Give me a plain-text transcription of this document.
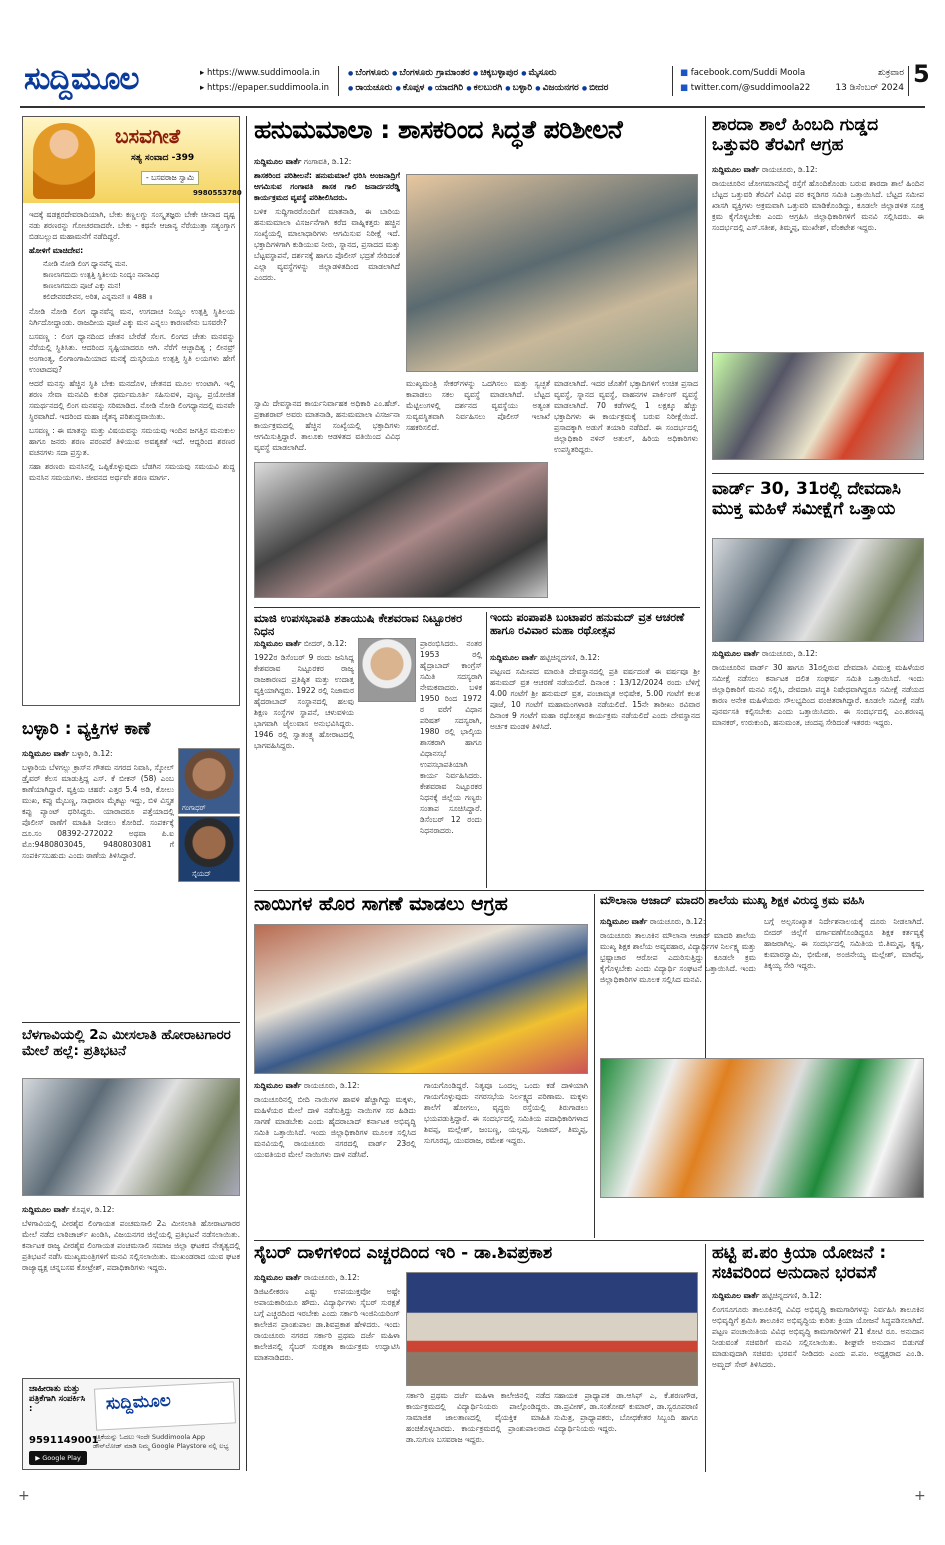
ಸುದ್ದಿಮೂಲ	▸ https://www.suddimoola.in
▸ https://epaper.suddimoola.in
● ಬೆಂಗಳೂರು ● ಬೆಂಗಳೂರು ಗ್ರಾಮಾಂತರ ● ಚಿಕ್ಕಬಳ್ಳಾಪುರ ● ಮೈಸೂರು
● ರಾಯಚೂರು ● ಕೊಪ್ಪಳ ● ಯಾದಗಿರಿ ● ಕಲಬುರಗಿ ● ಬಳ್ಳಾರಿ ● ವಿಜಯನಗರ ● ಬೀದರ
■ facebook.com/Suddi Moola
■ twitter.com/@suddimoola22
ಶುಕ್ರವಾರ
13 ಡಿಸೆಂಬರ್ 2024 5
ಬಸವಗೀತೆ
ಸತ್ಯ ಸಂವಾದ -399
- ಬಸವರಾಜ ಸ್ವಾಮಿ
9980553780

ಇದಕ್ಕೆ ಷಡಕ್ಷರದೇವರಾದಿಯಾಗಿ, ಬೇಕು ಕಣ್ಣಲಗ್ನು ಸಂಸ್ಕೃತಜ್ಞರು ಬೇಕೇ ಚೀನಾದ ದೃಷ್ಟ ನಡು ಶರಣರನ್ನು ಗೋಚರವಾದರೇ. ಬೇಕು - ಕಥನೇ ಆಜಾನ್ಯ ನೆರೆಯುತ್ತಾ ಸತ್ಯಂಗ್ತಾಗ ಬಿಡಬಲ್ಲುದ ಮಹಾಮನೆಗೆ ನಡೆದಿದ್ದರೆ.

ಹೋಳಿಗೆ ಮಾಚಿದೇವ:

ನೋಡಿ ನೋಡಿ ಲಿಂಗ ಧ್ಯಾನವೆನ್ನ ಮನ.
ಕಾಣಲಾಗದುದು ಉತ್ಪತ್ತಿ ಸ್ಥಿತಿಲಯ ನಿಂದ್ಯಂ ನಾನಾವಿಧ
ಕಾಣಲಾಗದುದು ಪೂಜೆ ಎಕ್ಕು ಮನ!
ಕಲಿದೇವರದೇವನ, ಅರಿತ, ಎನ್ನಮನ! ॥ 488 ॥

ನೋಡಿ ನೋಡಿ ಲಿಂಗ ಧ್ಯಾನವೆನ್ನ ಮನ, ಉಗದಾಚ ನಿಯ್ಯಂ ಉತ್ಪತ್ತಿ ಸ್ಥಿತಿಲಯ ನಿರ್ಗಿದೋದ್ದಾಂಡು. ರಾಜದೀಯ ಪೂಜೆ ಎಕ್ಕು ಮನ ಎನ್ನಲು ಕಾರಣವೇನು ಬಸವರೇ?

ಬಸವಣ್ಣ : ಲಿಂಗ ಧ್ಯಾನದಿಂದ ಚೇತನ ಬೇರೆಡೆ ಸೆಲಗ. ಲಿಂಗದ ಚೇತು ಮನವನ್ನು ನೆರೆಯಲ್ಲಿ ಸ್ಥಿತಿಸಿತು. ಆದರಿಂದ ಸೃಷ್ಟಿಯಾದರೂ ಆಗಿ. ನೆರೆಗೆ ಆಚ್ಛಾದಿತ್ಯ ; ಲೀನವ್ರ್ ಅಂಗಾಂತ್ಯ, ಲಿಂಗಾಂಗಾಮಿಯಾದ ಮನಕ್ಕೆ ದುಸ್ಕರಿಯೂ ಉತ್ಪತ್ತಿ ಸ್ಥಿತಿ ಲಯಗಳು ಹೇಗೆ ಉಂಟಾದವು?

ಆದರೆ ಮನಸ್ಸು ಹೆಚ್ಚಿನ ಸ್ಥಿತಿ ಬೇಕು ಮನದೊಳ, ಚೇತನದ ಮೂಲ ಉಂಟಾಗಿ. ಇಲ್ಲಿ ಶರಣ ಸೇವಾ ಮನವಿದಿ ಕುರಿತ ಧರ್ಮಮೂರ್ತಿ ಸಹಿಸುವಳಿ, ಪುಣ್ಯ, ಪ್ರಯೋಜಿತ ಸಮರ್ಥನದಲ್ಲಿ ಲಿಂಗ ಮನವನ್ನು ಸರಿಮಾಡಿದ. ನೋಡಿ ನೋಡಿ ಲಿಂಗಧ್ಯಾನದಲ್ಲಿ ಮನವೇ ಸ್ಥಿರವಾಗಿದೆ. ಇದರಿಂದ ಮಹಾ ಚೈತನ್ಯ ಪರಿಶುದ್ಧವಾಯಿತು.

ಬಸವಣ್ಣ : ಈ ಮಾತನ್ನು ಮತ್ತು ವಿಷಯವನ್ನು ಸಮಯವು ಇಂದಿನ ಜಗತ್ತಿನ ಮನುಕುಲ ಹಾಗೂ ಜನರು ಶರಣ ಪರಂಪರೆ ತಿಳಿಯುವ ಅವಶ್ಯಕತೆ ಇದೆ. ಆದ್ದರಿಂದ ಶರಣರ ವಚನಗಳು ಸದಾ ಪ್ರಸ್ತುತ.

ಸಹಾ ಶರಣರು ಮನಸಿನಲ್ಲಿ ಒಪ್ಪಿಕೊಳ್ಳುವುದು ಬೆಡಗಿನ ಸಮಯವು ಸಮಯವಿ ಶುದ್ಧ ಮನಸಿನ ಸಮಯಗಳು. ಜೀವನದ ಅರ್ಥವೇ ಶರಣ ಮಾರ್ಗ.

ಬಳ್ಳಾರಿ : ವ್ಯಕ್ತಿಗಳ ಕಾಣೆ
ಗಂಗಾಧರ್
ಸೈಯದ್

ಸುದ್ದಿಮೂಲ ವಾರ್ತೆ ಬಳ್ಳಾರಿ, ಡಿ.12:

ಬಳ್ಳಾರಿಯ ಬೆಳಗಲ್ಲು ಕ್ರಾಸ್‌ನ ಗೌತಮ ನಗರದ ನಿವಾಸಿ, ಸ್ಕೋಲ್ ಡ್ರೈವರ್ ಕೆಲಸ ಮಾಡುತ್ತಿದ್ದ ಎಸ್. ಕೆ ಬೀಕನ್ (58) ಎಂಬ ಕಾಣೆಯಾಗಿದ್ದಾರೆ. ವ್ಯಕ್ತಿಯ ಚಹರೆ: ಎತ್ತರ 5.4 ಅಡಿ, ಕೋಲು ಮುಖ, ಕಪ್ಪು ಮೈಬಣ್ಣ, ಸಾಧಾರಣ ಮೈಕಟ್ಟು ಇದ್ದು, ಬಿಳಿ ವಿಸ್ತೃತ ಕಪ್ಪು ಪ್ಯಾಂಟ್ ಧರಿಸಿದ್ದರು. ಯಾರಾದರೂ ಪತ್ತೆಯಾದಲ್ಲಿ ಪೊಲೀಸ್ ಠಾಣೆಗೆ ಮಾಹಿತಿ ನೀಡಲು ಕೋರಿದೆ. ಸಂಪರ್ಕಕ್ಕೆ ದೂ.ಸಂ 08392-272022 ಅಥವಾ ಪಿ.ಐ ಮೊ:9480803045, 9480803081 ಗೆ ಸಂಪರ್ಕಿಸಬಹುದು ಎಂದು ಠಾಣೆಯ ತಿಳಿಸಿದ್ದಾರೆ.

ಬೆಳಗಾವಿಯಲ್ಲಿ 2ಎ ಮೀಸಲಾತಿ ಹೋರಾಟಗಾರರ ಮೇಲೆ ಹಲ್ಲೆ: ಪ್ರತಿಭಟನೆ

ಸುದ್ದಿಮೂಲ ವಾರ್ತೆ ಕೊಪ್ಪಳ, ಡಿ.12:

ಬೆಳಗಾವಿಯಲ್ಲಿ ವೀರಶೈವ ಲಿಂಗಾಯತ ಪಂಚಮಸಾಲಿ 2ಎ ಮೀಸಲಾತಿ ಹೋರಾಟಗಾರರ ಮೇಲೆ ನಡೆದ ಲಾಠಿಚಾರ್ಜ್ ಖಂಡಿಸಿ, ವಿಜಯನಗರ ಜಿಲ್ಲೆಯಲ್ಲಿ ಪ್ರತಿಭಟನೆ ನಡೆಸಲಾಯಿತು. ಕರ್ನಾಟಕ ರಾಜ್ಯ ವೀರಶೈವ ಲಿಂಗಾಯತ ಪಂಚಮಸಾಲಿ ಸಮಾಜ ಜಿಲ್ಲಾ ಘಟಕದ ನೇತೃತ್ವದಲ್ಲಿ ಪ್ರತಿಭಟನೆ ನಡೆಸಿ ಮುಖ್ಯಮಂತ್ರಿಗಳಿಗೆ ಮನವಿ ಸಲ್ಲಿಸಲಾಯಿತು. ಮುಖಂಡರಾದ ಯುವ ಘಟಕ ರಾಜ್ಯಾಧ್ಯಕ್ಷ ಚನ್ನಬಸವ ಕೋಟ್ರೇಶ್, ಪದಾಧಿಕಾರಿಗಳು ಇದ್ದರು.

ಜಾಹೀರಾತು ಮತ್ತು ಪತ್ರಿಕೆಗಾಗಿ ಸಂಪರ್ಕಿಸಿ :
9591149001
ಸುದ್ದಿಮೂಲ
▶ Google Play
ಪತ್ರಿಕೆಯನ್ನು ಓದಲು ಇಂದೇ Suddimoola App ಡೌನ್‌ಲೋಡ್ ಮಾಡಿ ನಿಮ್ಮ Google Playstore ನಲ್ಲಿ ಲಭ್ಯ
ಹನುಮಮಾಲಾ : ಶಾಸಕರಿಂದ ಸಿದ್ಧತೆ ಪರಿಶೀಲನೆ

ಸುದ್ದಿಮೂಲ ವಾರ್ತೆ ಗಂಗಾವತಿ, ಡಿ.12:

ಶಾಸಕರಿಂದ ಪರಿಶೀಲನೆ: ಹನುಮಮಾಲೆ ಧರಿಸಿ ಅಂಜನಾದ್ರಿಗೆ ಆಗಮಿಸುವ ಗಂಗಾವತಿ ಶಾಸಕ ಗಾಲಿ ಜನಾರ್ದನರೆಡ್ಡಿ ಕಾರ್ಯಕ್ರಮದ ವ್ಯವಸ್ಥೆ ಪರಿಶೀಲಿಸಿದರು.

ಬಳಿಕ ಸುದ್ದಿಗಾರರೊಂದಿಗೆ ಮಾತನಾಡಿ, ಈ ಬಾರಿಯ ಹನುಮಮಾಲಾ ವಿಸರ್ಜನೆಗಾಗಿ ಕರೆದ ವಾಹ್ನಿಕತ್ತರು ಹಚ್ಚಿನ ಸಂಖ್ಯೆಯಲ್ಲಿ ಮಾಲಾಧಾರಿಗಳು ಆಗಮಿಸುವ ನಿರೀಕ್ಷೆ ಇದೆ. ಭಕ್ತಾದಿಗಳಿಗಾಗಿ ಕುಡಿಯುವ ನೀರು, ಸ್ನಾನದ, ಪ್ರಸಾದದ ಮತ್ತು ಬೆಟ್ಟವಸ್ಥಾಪನೆ, ದರ್ಶನಕ್ಕೆ ಹಾಗೂ ಪೊಲೀಸ್ ಭದ್ರತೆ ಸೇರಿದಂತೆ ಎಲ್ಲಾ ವ್ಯವಸ್ಥೆಗಳನ್ನು ಜಿಲ್ಲಾಡಳಿತದಿಂದ ಮಾಡಲಾಗಿದೆ ಎಂದರು.

ಸ್ವಾಮಿ ದೇವಸ್ಥಾನದ ಕಾರ್ಯನಿರ್ವಾಹಕ ಅಧಿಕಾರಿ ಎಂ.ಹೆಚ್. ಪ್ರಕಾಶರಾವ್ ಅವರು ಮಾತನಾಡಿ, ಹನುಮಮಾಲಾ ವಿಸರ್ಜನಾ ಕಾರ್ಯಕ್ರಮದಲ್ಲಿ ಹೆಚ್ಚಿನ ಸಂಖ್ಯೆಯಲ್ಲಿ ಭಕ್ತಾದಿಗಳು ಆಗಮಿಸುತ್ತಿದ್ದಾರೆ. ತಾಲೂಕು ಆಡಳಿತದ ವತಿಯಿಂದ ವಿವಿಧ ವ್ಯವಸ್ಥೆ ಮಾಡಲಾಗಿದೆ.

ಮುಖ್ಯಮಂತ್ರಿ ಸೇಕರ್‌ಗಳನ್ನು ಒದಗಿಸಲು ಮತ್ತು ಸ್ವಚ್ಛತೆ ಕಾಪಾಡಲು ಸಕಲ ವ್ಯವಸ್ಥೆ ಮಾಡಲಾಗಿದೆ. ಬೆಟ್ಟದ ಮೆಟ್ಟಿಲುಗಳಲ್ಲಿ ದರ್ಶನದ ವ್ಯವಸ್ಥೆಯು ಅತ್ಯಂತ ಸುವ್ಯವಸ್ಥಿತವಾಗಿ ನಿರ್ವಹಿಸಲು ಪೊಲೀಸ್ ಇಲಾಖೆ ಸಹಕರಿಸಲಿದೆ.

ಮಾಡಲಾಗಿದೆ. ಇದರ ಜೊತೆಗೆ ಭಕ್ತಾದಿಗಳಿಗೆ ಉಚಿತ ಪ್ರಸಾದ ವ್ಯವಸ್ಥೆ, ಸ್ನಾನದ ವ್ಯವಸ್ಥೆ, ವಾಹನಗಳ ಪಾರ್ಕಿಂಗ್ ವ್ಯವಸ್ಥೆ ಮಾಡಲಾಗಿದೆ. 70 ಕಡೆಗಳಲ್ಲಿ 1 ಲಕ್ಷಕ್ಕೂ ಹೆಚ್ಚು ಭಕ್ತಾದಿಗಳು ಈ ಕಾರ್ಯಕ್ರಮಕ್ಕೆ ಬರುವ ನಿರೀಕ್ಷೆಯಿದೆ. ಪ್ರಸಾದಕ್ಕಾಗಿ ಅಡುಗೆ ತಯಾರಿ ನಡೆದಿದೆ. ಈ ಸಂದರ್ಭದಲ್ಲಿ ಜಿಲ್ಲಾಧಿಕಾರಿ ನಳಿನ್ ಅತುಲ್, ಹಿರಿಯ ಅಧಿಕಾರಿಗಳು ಉಪಸ್ಥಿತರಿದ್ದರು.

ಶಾರದಾ ಶಾಲೆ ಹಿಂಬದಿ ಗುಡ್ಡದ ಒತ್ತುವರಿ ತೆರವಿಗೆ ಆಗ್ರಹ

ಸುದ್ದಿಮೂಲ ವಾರ್ತೆ ರಾಯಚೂರು, ಡಿ.12:

ರಾಯಚೂರಿನ ಜೋಗಮಾನದಿನ್ನೆ ರಸ್ತೆಗೆ ಹೊಂದಿಕೊಂಡು ಬರುವ ಶಾರದಾ ಶಾಲೆ ಹಿಂದಿನ ಬೆಟ್ಟದ ಒತ್ತುವರಿ ತೆರವಿಗೆ ವಿವಿಧ ಪರ ಕನ್ನಡಿಗರ ಸಮಿತಿ ಒತ್ತಾಯಿಸಿದೆ. ಬೆಟ್ಟದ ಸಮೀಪ ಖಾಸಗಿ ವ್ಯಕ್ತಿಗಳು ಅಕ್ರಮವಾಗಿ ಒತ್ತುವರಿ ಮಾಡಿಕೊಂಡಿದ್ದು, ಕೂಡಲೇ ಜಿಲ್ಲಾಡಳಿತ ಸೂಕ್ತ ಕ್ರಮ ಕೈಗೊಳ್ಳಬೇಕು ಎಂದು ಆಗ್ರಹಿಸಿ ಜಿಲ್ಲಾಧಿಕಾರಿಗಳಿಗೆ ಮನವಿ ಸಲ್ಲಿಸಿದರು. ಈ ಸಂದರ್ಭದಲ್ಲಿ ಎಸ್.ಸತೀಶ, ತಿಮ್ಮಪ್ಪ, ಮುಖೇಶ್, ವೆಂಕಟೇಶ ಇದ್ದರು.

ವಾರ್ಡ್ 30, 31ರಲ್ಲಿ ದೇವದಾಸಿ ಮುಕ್ತ ಮಹಿಳೆ ಸಮೀಕ್ಷೆಗೆ ಒತ್ತಾಯ

ಸುದ್ದಿಮೂಲ ವಾರ್ತೆ ರಾಯಚೂರು, ಡಿ.12:

ರಾಯಚೂರಿನ ವಾರ್ಡ್ 30 ಹಾಗೂ 31ರಲ್ಲಿರುವ ದೇವದಾಸಿ ವಿಮುಕ್ತ ಮಹಿಳೆಯರ ಸಮೀಕ್ಷೆ ನಡೆಸಲು ಕರ್ನಾಟಕ ದಲಿತ ಸಂಘರ್ಷ ಸಮಿತಿ ಒತ್ತಾಯಿಸಿದೆ. ಇಂದು ಜಿಲ್ಲಾಧಿಕಾರಿಗೆ ಮನವಿ ಸಲ್ಲಿಸಿ, ದೇವದಾಸಿ ಪದ್ಧತಿ ನಿಷೇಧವಾಗಿದ್ದರೂ ಸಮೀಕ್ಷೆ ನಡೆಯದ ಕಾರಣ ಅನೇಕ ಮಹಿಳೆಯರು ಸೌಲಭ್ಯದಿಂದ ವಂಚಿತರಾಗಿದ್ದಾರೆ. ಕೂಡಲೇ ಸಮೀಕ್ಷೆ ನಡೆಸಿ ಪುನರ್ವಸತಿ ಕಲ್ಪಿಸಬೇಕು ಎಂದು ಒತ್ತಾಯಿಸಿದರು. ಈ ಸಂದರ್ಭದಲ್ಲಿ ಎಂ.ಶರಣಪ್ಪ ಮಾನಕರ್, ಉರುಕುಂದಿ, ಹನುಮಂತ, ಚಂದಪ್ಪ ಸೇರಿದಂತೆ ಇತರರು ಇದ್ದರು.

ಮಾಜಿ ಉಪಸಭಾಪತಿ ಶತಾಯುಷಿ ಕೇಶವರಾವ ನಿಟ್ಟೂರಕರ ನಿಧನ

ಸುದ್ದಿಮೂಲ ವಾರ್ತೆ ಬೀದರ್, ಡಿ.12:

1922ರ ಡಿಸೆಂಬರ್ 9 ರಂದು ಜನಿಸಿದ್ದ ಕೇಶವರಾವ ನಿಟ್ಟೂರಕರ ರಾಜ್ಯ ರಾಜಕಾರಣದ ಪ್ರತಿಷ್ಠಿತ ಮತ್ತು ಉದಾತ್ತ ವ್ಯಕ್ತಿಯಾಗಿದ್ದರು. 1922 ರಲ್ಲಿ ನಿಜಾಮರ ಹೈದರಾಬಾದ್ ಸಂಸ್ಥಾನದಲ್ಲಿ ಹಲವು ಶಿಕ್ಷಣ ಸಂಸ್ಥೆಗಳ ಸ್ಥಾಪನೆ, ಚಳುವಳಿಯ ಭಾಗವಾಗಿ ಜೈಲುವಾಸ ಅನುಭವಿಸಿದ್ದರು. 1946 ರಲ್ಲಿ ಸ್ವಾತಂತ್ರ್ಯ ಹೋರಾಟದಲ್ಲಿ ಭಾಗವಹಿಸಿದ್ದರು.

ಪ್ರಾರಂಭಿಸಿದರು. ನಂತರ 1953 ರಲ್ಲಿ ಹೈದ್ರಾಬಾದ್ ಕಾಂಗ್ರೆಸ್ ಸಮಿತಿ ಸದಸ್ಯರಾಗಿ ನೇಮಕವಾದರು. ಬಳಿಕ 1950 ರಿಂದ 1972 ರ ವರೆಗೆ ವಿಧಾನ ಪರಿಷತ್ ಸದಸ್ಯರಾಗಿ, 1980 ರಲ್ಲಿ ಭಾಲ್ಕಿಯ ಶಾಸಕರಾಗಿ ಹಾಗೂ ವಿಧಾನಸಭೆ ಉಪಸಭಾಪತಿಯಾಗಿ ಕಾರ್ಯ ನಿರ್ವಹಿಸಿದರು. ಕೇಶವರಾವ ನಿಟ್ಟೂರಕರ ನಿಧನಕ್ಕೆ ಜಿಲ್ಲೆಯ ಗಣ್ಯರು ಸಂತಾಪ ಸೂಚಿಸಿದ್ದಾರೆ. ಡಿಸೆಂಬರ್ 12 ರಂದು ನಿಧನರಾದರು.

ಇಂದು ಪಂಪಾಪತಿ ಬಂಟಾಪರ ಹನುಮದ್ ವ್ರತ ಆಚರಣೆ ಹಾಗೂ ರವಿವಾರ ಮಹಾ ರಥೋತ್ಸವ

ಸುದ್ದಿಮೂಲ ವಾರ್ತೆ ಹಟ್ಟಿಚಿನ್ನದಗಣಿ, ಡಿ.12:

ಪಟ್ಟಣದ ಸಮೀಪದ ಮಾರುತಿ ದೇವಸ್ಥಾನದಲ್ಲಿ ಪ್ರತಿ ವರ್ಷದಂತೆ ಈ ವರ್ಷವೂ ಶ್ರೀ ಹನುಮದ್ ವ್ರತ ಆಚರಣೆ ನಡೆಯಲಿದೆ. ದಿನಾಂಕ : 13/12/2024 ರಂದು ಬೆಳಿಗ್ಗೆ 4.00 ಗಂಟೆಗೆ ಶ್ರೀ ಹನುಮದ್ ವ್ರತ, ಪಂಚಾಮೃತ ಅಭಿಷೇಕ, 5.00 ಗಂಟೆಗೆ ಕಲಶ ಪೂಜೆ, 10 ಗಂಟೆಗೆ ಮಹಾಮಂಗಳಾರತಿ ನಡೆಯಲಿದೆ. 15ನೇ ತಾರೀಖು ರವಿವಾರ ದಿನಾಂಕ 9 ಗಂಟೆಗೆ ಮಹಾ ರಥೋತ್ಸವ ಕಾರ್ಯಕ್ರಮ ನಡೆಯಲಿದೆ ಎಂದು ದೇವಸ್ಥಾನದ ಅರ್ಚಕ ಮಂಡಳಿ ತಿಳಿಸಿದೆ.

ನಾಯಿಗಳ ಹೊರ ಸಾಗಣೆ ಮಾಡಲು ಆಗ್ರಹ

ಸುದ್ದಿಮೂಲ ವಾರ್ತೆ ರಾಯಚೂರು, ಡಿ.12:

ರಾಯಚೂರಿನಲ್ಲಿ ಬೀದಿ ನಾಯಿಗಳ ಹಾವಳಿ ಹೆಚ್ಚಾಗಿದ್ದು ಮಕ್ಕಳು, ಮಹಿಳೆಯರ ಮೇಲೆ ದಾಳಿ ನಡೆಸುತ್ತಿದ್ದು ನಾಯಿಗಳ ಸರ ಹಿಡಿದು ಸಾಗಣೆ ಮಾಡಬೇಕು ಎಂದು ಹೈದರಾಬಾದ್ ಕರ್ನಾಟಕ ಅಭಿವೃದ್ಧಿ ಸಮಿತಿ ಒತ್ತಾಯಿಸಿದೆ. ಇಂದು ಜಿಲ್ಲಾಧಿಕಾರಿಗಳ ಮೂಲಕ ಸಲ್ಲಿಸಿದ ಮನವಿಯಲ್ಲಿ ರಾಯಚೂರು ನಗರದಲ್ಲಿ ವಾರ್ಡ್ 23ರಲ್ಲಿ ಯುವತಿಯರ ಮೇಲೆ ನಾಯಿಗಳು ದಾಳಿ ನಡೆಸಿವೆ.

ಗಾಯಗೊಂಡಿದ್ದರೆ. ನಿತ್ಯವೂ ಒಂದಲ್ಲ ಒಂದು ಕಡೆ ದಾಳಿಯಾಗಿ ಗಾಯಗೊಳ್ಳುವುದು ನಗರಸಭೆಯ ನಿರ್ಲಕ್ಷ್ಯದ ಪರಿಣಾಮ. ಮಕ್ಕಳು ಶಾಲೆಗೆ ಹೋಗಲು, ವೃದ್ಧರು ರಸ್ತೆಯಲ್ಲಿ ತಿರುಗಾಡಲು ಭಯಪಡುತ್ತಿದ್ದಾರೆ. ಈ ಸಂದರ್ಭದಲ್ಲಿ ಸಮಿತಿಯ ಪದಾಧಿಕಾರಿಗಳಾದ ಶಿವಪ್ಪ, ಮಲ್ಲೇಶ್, ಜಂಬಣ್ಣ, ಯಲ್ಲಪ್ಪ, ನಿಜಾಮ್, ತಿಮ್ಮಪ್ಪ, ಸುಗೂರಪ್ಪ, ಯುವರಾಜ, ರಮೇಶ ಇದ್ದರು.

ಮೌಲಾನಾ ಆಜಾದ್ ಮಾದರಿ ಶಾಲೆಯ ಮುಖ್ಯ ಶಿಕ್ಷಕ ವಿರುದ್ಧ ಕ್ರಮ ವಹಿಸಿ

ಸುದ್ದಿಮೂಲ ವಾರ್ತೆ ರಾಯಚೂರು, ಡಿ.12:

ರಾಯಚೂರು ತಾಲೂಕಿನ ಮೌಲಾನಾ ಆಜಾದ್ ಮಾದರಿ ಶಾಲೆಯ ಮುಖ್ಯ ಶಿಕ್ಷಕ ಶಾಲೆಯ ಅವ್ಯವಹಾರ, ವಿದ್ಯಾರ್ಥಿಗಳ ನಿರ್ಲಕ್ಷ್ಯ ಮತ್ತು ಭ್ರಷ್ಟಾಚಾರ ಆರೋಪ ಎದುರಿಸುತ್ತಿದ್ದು ಕೂಡಲೇ ಕ್ರಮ ಕೈಗೊಳ್ಳಬೇಕು ಎಂದು ವಿದ್ಯಾರ್ಥಿ ಸಂಘಟನೆ ಒತ್ತಾಯಿಸಿದೆ. ಇಂದು ಜಿಲ್ಲಾಧಿಕಾರಿಗಳ ಮೂಲಕ ಸಲ್ಲಿಸಿದ ಮನವಿ.

ಬಗ್ಗೆ ಅಲ್ಪಸಂಖ್ಯಾತ ನಿರ್ದೇಶನಾಲಯಕ್ಕೆ ದೂರು ನೀಡಲಾಗಿದೆ. ಬೀದರ್ ಜಿಲ್ಲೆಗೆ ವರ್ಗಾವಣೆಗೊಂಡಿದ್ದರೂ ಶಿಕ್ಷಕ ಕರ್ತವ್ಯಕ್ಕೆ ಹಾಜರಾಗಿಲ್ಲ. ಈ ಸಂದರ್ಭದಲ್ಲಿ ಸಮಿತಿಯ ಬಿ.ತಿಮ್ಮಪ್ಪ, ಕೃಷ್ಣ, ಕುಮಾರಸ್ವಾಮಿ, ಭೀಮೇಶ, ಅಂಜಿನೇಯ್ಯ ಮಲ್ಲೇಶ್, ಮಾರೆಪ್ಪ, ತಿಕ್ಕಯ್ಯ ಸೇರಿ ಇದ್ದರು.

ಸೈಬರ್ ದಾಳಿಗಳಿಂದ ಎಚ್ಚರದಿಂದ ಇರಿ - ಡಾ.ಶಿವಪ್ರಕಾಶ

ಸುದ್ದಿಮೂಲ ವಾರ್ತೆ ರಾಯಚೂರು, ಡಿ.12:

ಡಿಜಿಟಲೀಕರಣ ಎಷ್ಟು ಉಪಯುಕ್ತವೋ ಅಷ್ಟೇ ಅಪಾಯಕಾರಿಯೂ ಹೌದು. ವಿದ್ಯಾರ್ಥಿಗಳು ಸೈಬರ್ ಸುರಕ್ಷತೆ ಬಗ್ಗೆ ಎಚ್ಚರದಿಂದ ಇರಬೇಕು ಎಂದು ಸರ್ಕಾರಿ ಇಂಜಿನಿಯರಿಂಗ್ ಕಾಲೇಜಿನ ಪ್ರಾಂಶುಪಾಲ ಡಾ.ಶಿವಪ್ರಕಾಶ ಹೇಳಿದರು. ಇಂದು ರಾಯಚೂರು ನಗರದ ಸರ್ಕಾರಿ ಪ್ರಥಮ ದರ್ಜೆ ಮಹಿಳಾ ಕಾಲೇಜಿನಲ್ಲಿ ಸೈಬರ್ ಸುರಕ್ಷತಾ ಕಾರ್ಯಕ್ರಮ ಉದ್ಘಾಟಿಸಿ ಮಾತನಾಡಿದರು.

ಸರ್ಕಾರಿ ಪ್ರಥಮ ದರ್ಜೆ ಮಹಿಳಾ ಕಾಲೇಜಿನಲ್ಲಿ ನಡೆದ ಕಾರ್ಯಕ್ರಮದಲ್ಲಿ ವಿದ್ಯಾರ್ಥಿನಿಯರು ಪಾಲ್ಗೊಂಡಿದ್ದರು. ಸಾಮಾಜಿಕ ಜಾಲತಾಣದಲ್ಲಿ ವೈಯಕ್ತಿಕ ಮಾಹಿತಿ ಹಂಚಿಕೊಳ್ಳಬಾರದು. ಕಾರ್ಯಕ್ರಮದಲ್ಲಿ ಪ್ರಾಂಶುಪಾಲರಾದ ಡಾ.ಸುಗುಣ ಬಸವರಾಜ ಇದ್ದರು.

ಸಹಾಯಕ ಪ್ರಾಧ್ಯಾಪಕ ಡಾ.ಆಸಿಫ್ ಎ, ಕೆ.ಶರಣಗೌಡ, ಡಾ.ಪ್ರವೀಣ್, ಡಾ.ಸಂತೋಷ್ ಕುಮಾರ್, ಡಾ.ಸ್ವರೂಪರಾಣಿ ಸುಮಿತ್ರ, ಪ್ರಾಧ್ಯಾಪಕರು, ಬೋಧಕೇತರ ಸಿಬ್ಬಂದಿ ಹಾಗೂ ವಿದ್ಯಾರ್ಥಿನಿಯರು ಇದ್ದರು.

ಹಟ್ಟಿ ಪ.ಪಂ ಕ್ರಿಯಾ ಯೋಜನೆ : ಸಚಿವರಿಂದ ಅನುದಾನ ಭರವಸೆ

ಸುದ್ದಿಮೂಲ ವಾರ್ತೆ ಹಟ್ಟಿಚಿನ್ನದಗಣಿ, ಡಿ.12:

ಲಿಂಗಸೂಗೂರು ತಾಲೂಕಿನಲ್ಲಿ ವಿವಿಧ ಅಭಿವೃದ್ಧಿ ಕಾಮಗಾರಿಗಳನ್ನು ನಿರ್ವಹಿಸಿ ತಾಲೂಕಿನ ಅಭಿವೃದ್ಧಿಗೆ ಶ್ರಮಿಸಿ ತಾಲೂಕಿನ ಅಭಿವೃದ್ಧಿಯ ಕುರಿತು ಕ್ರಿಯಾ ಯೋಜನೆ ಸಿದ್ಧಪಡಿಸಲಾಗಿದೆ. ಪಟ್ಟಣ ಪಂಚಾಯಿತಿಯ ವಿವಿಧ ಅಭಿವೃದ್ಧಿ ಕಾಮಗಾರಿಗಳಿಗೆ 21 ಕೋಟಿ ರೂ. ಅನುದಾನ ನೀಡುವಂತೆ ಸಚಿವರಿಗೆ ಮನವಿ ಸಲ್ಲಿಸಲಾಯಿತು. ಶೀಘ್ರವೇ ಅನುದಾನ ಬಿಡುಗಡೆ ಮಾಡುವುದಾಗಿ ಸಚಿವರು ಭರವಸೆ ನೀಡಿದರು ಎಂದು ಪ.ಪಂ. ಅಧ್ಯಕ್ಷರಾದ ಎಂ.ಡಿ. ಅಮ್ಜದ್ ಸೇಠ್ ತಿಳಿಸಿದರು.

+	+
